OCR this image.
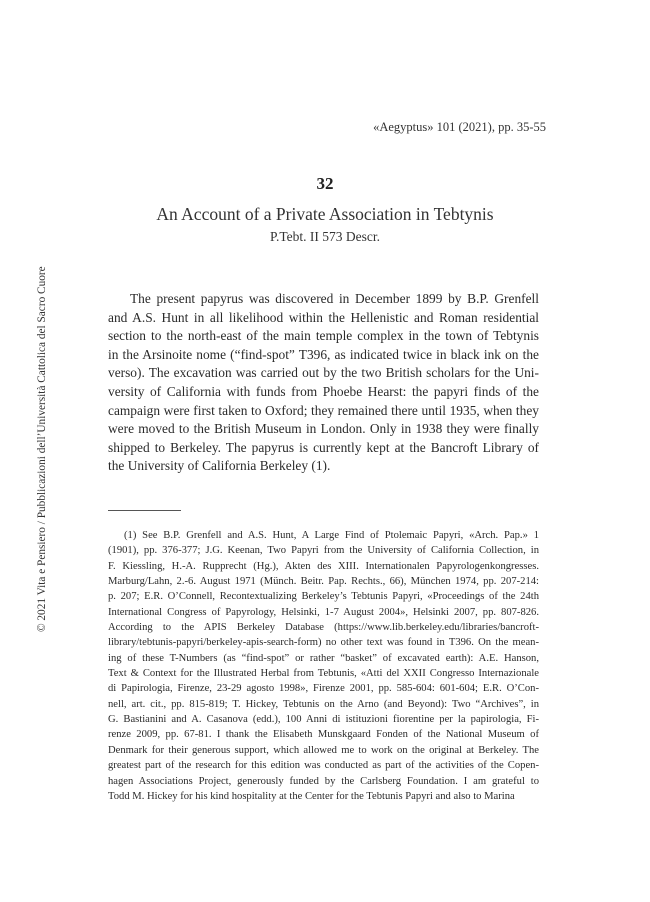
© 2021 Vita e Pensiero / Pubblicazioni dell’Università Cattolica del Sacro Cuore
«Aegyptus» 101 (2021), pp. 35-55
32
An Account of a Private Association in Tebtynis
P.Tebt. II 573 Descr.

The present papyrus was discovered in December 1899 by B.P. Grenfell
and A.S. Hunt in all likelihood within the Hellenistic and Roman residential
section to the north-east of the main temple complex in the town of Tebtynis
in the Arsinoite nome (“find-spot” T396, as indicated twice in black ink on the
verso). The excavation was carried out by the two British scholars for the Uni-
versity of California with funds from Phoebe Hearst: the papyri finds of the
campaign were first taken to Oxford; they remained there until 1935, when they
were moved to the British Museum in London. Only in 1938 they were finally
shipped to Berkeley. The papyrus is currently kept at the Bancroft Library of
the University of California Berkeley (1).

(1) See B.P. Grenfell and A.S. Hunt, A Large Find of Ptolemaic Papyri, «Arch. Pap.» 1
(1901), pp. 376-377; J.G. Keenan, Two Papyri from the University of California Collection, in
F. Kiessling, H.-A. Rupprecht (Hg.), Akten des XIII. Internationalen Papyrologenkongresses.
Marburg/Lahn, 2.-6. August 1971 (Münch. Beitr. Pap. Rechts., 66), München 1974, pp. 207-214:
p. 207; E.R. O’Connell, Recontextualizing Berkeley’s Tebtunis Papyri, «Proceedings of the 24th
International Congress of Papyrology, Helsinki, 1-7 August 2004», Helsinki 2007, pp. 807-826.
According to the APIS Berkeley Database (https://www.lib.berkeley.edu/libraries/bancroft-
library/tebtunis-papyri/berkeley-apis-search-form) no other text was found in T396. On the mean-
ing of these T-Numbers (as “find-spot” or rather “basket” of excavated earth): A.E. Hanson,
Text & Context for the Illustrated Herbal from Tebtunis, «Atti del XXII Congresso Internazionale
di Papirologia, Firenze, 23-29 agosto 1998», Firenze 2001, pp. 585-604: 601-604; E.R. O’Con-
nell, art. cit., pp. 815-819; T. Hickey, Tebtunis on the Arno (and Beyond): Two “Archives”, in
G. Bastianini and A. Casanova (edd.), 100 Anni di istituzioni fiorentine per la papirologia, Fi-
renze 2009, pp. 67-81. I thank the Elisabeth Munskgaard Fonden of the National Museum of
Denmark for their generous support, which allowed me to work on the original at Berkeley. The
greatest part of the research for this edition was conducted as part of the activities of the Copen-
hagen Associations Project, generously funded by the Carlsberg Foundation. I am grateful to
Todd M. Hickey for his kind hospitality at the Center for the Tebtunis Papyri and also to Marina
